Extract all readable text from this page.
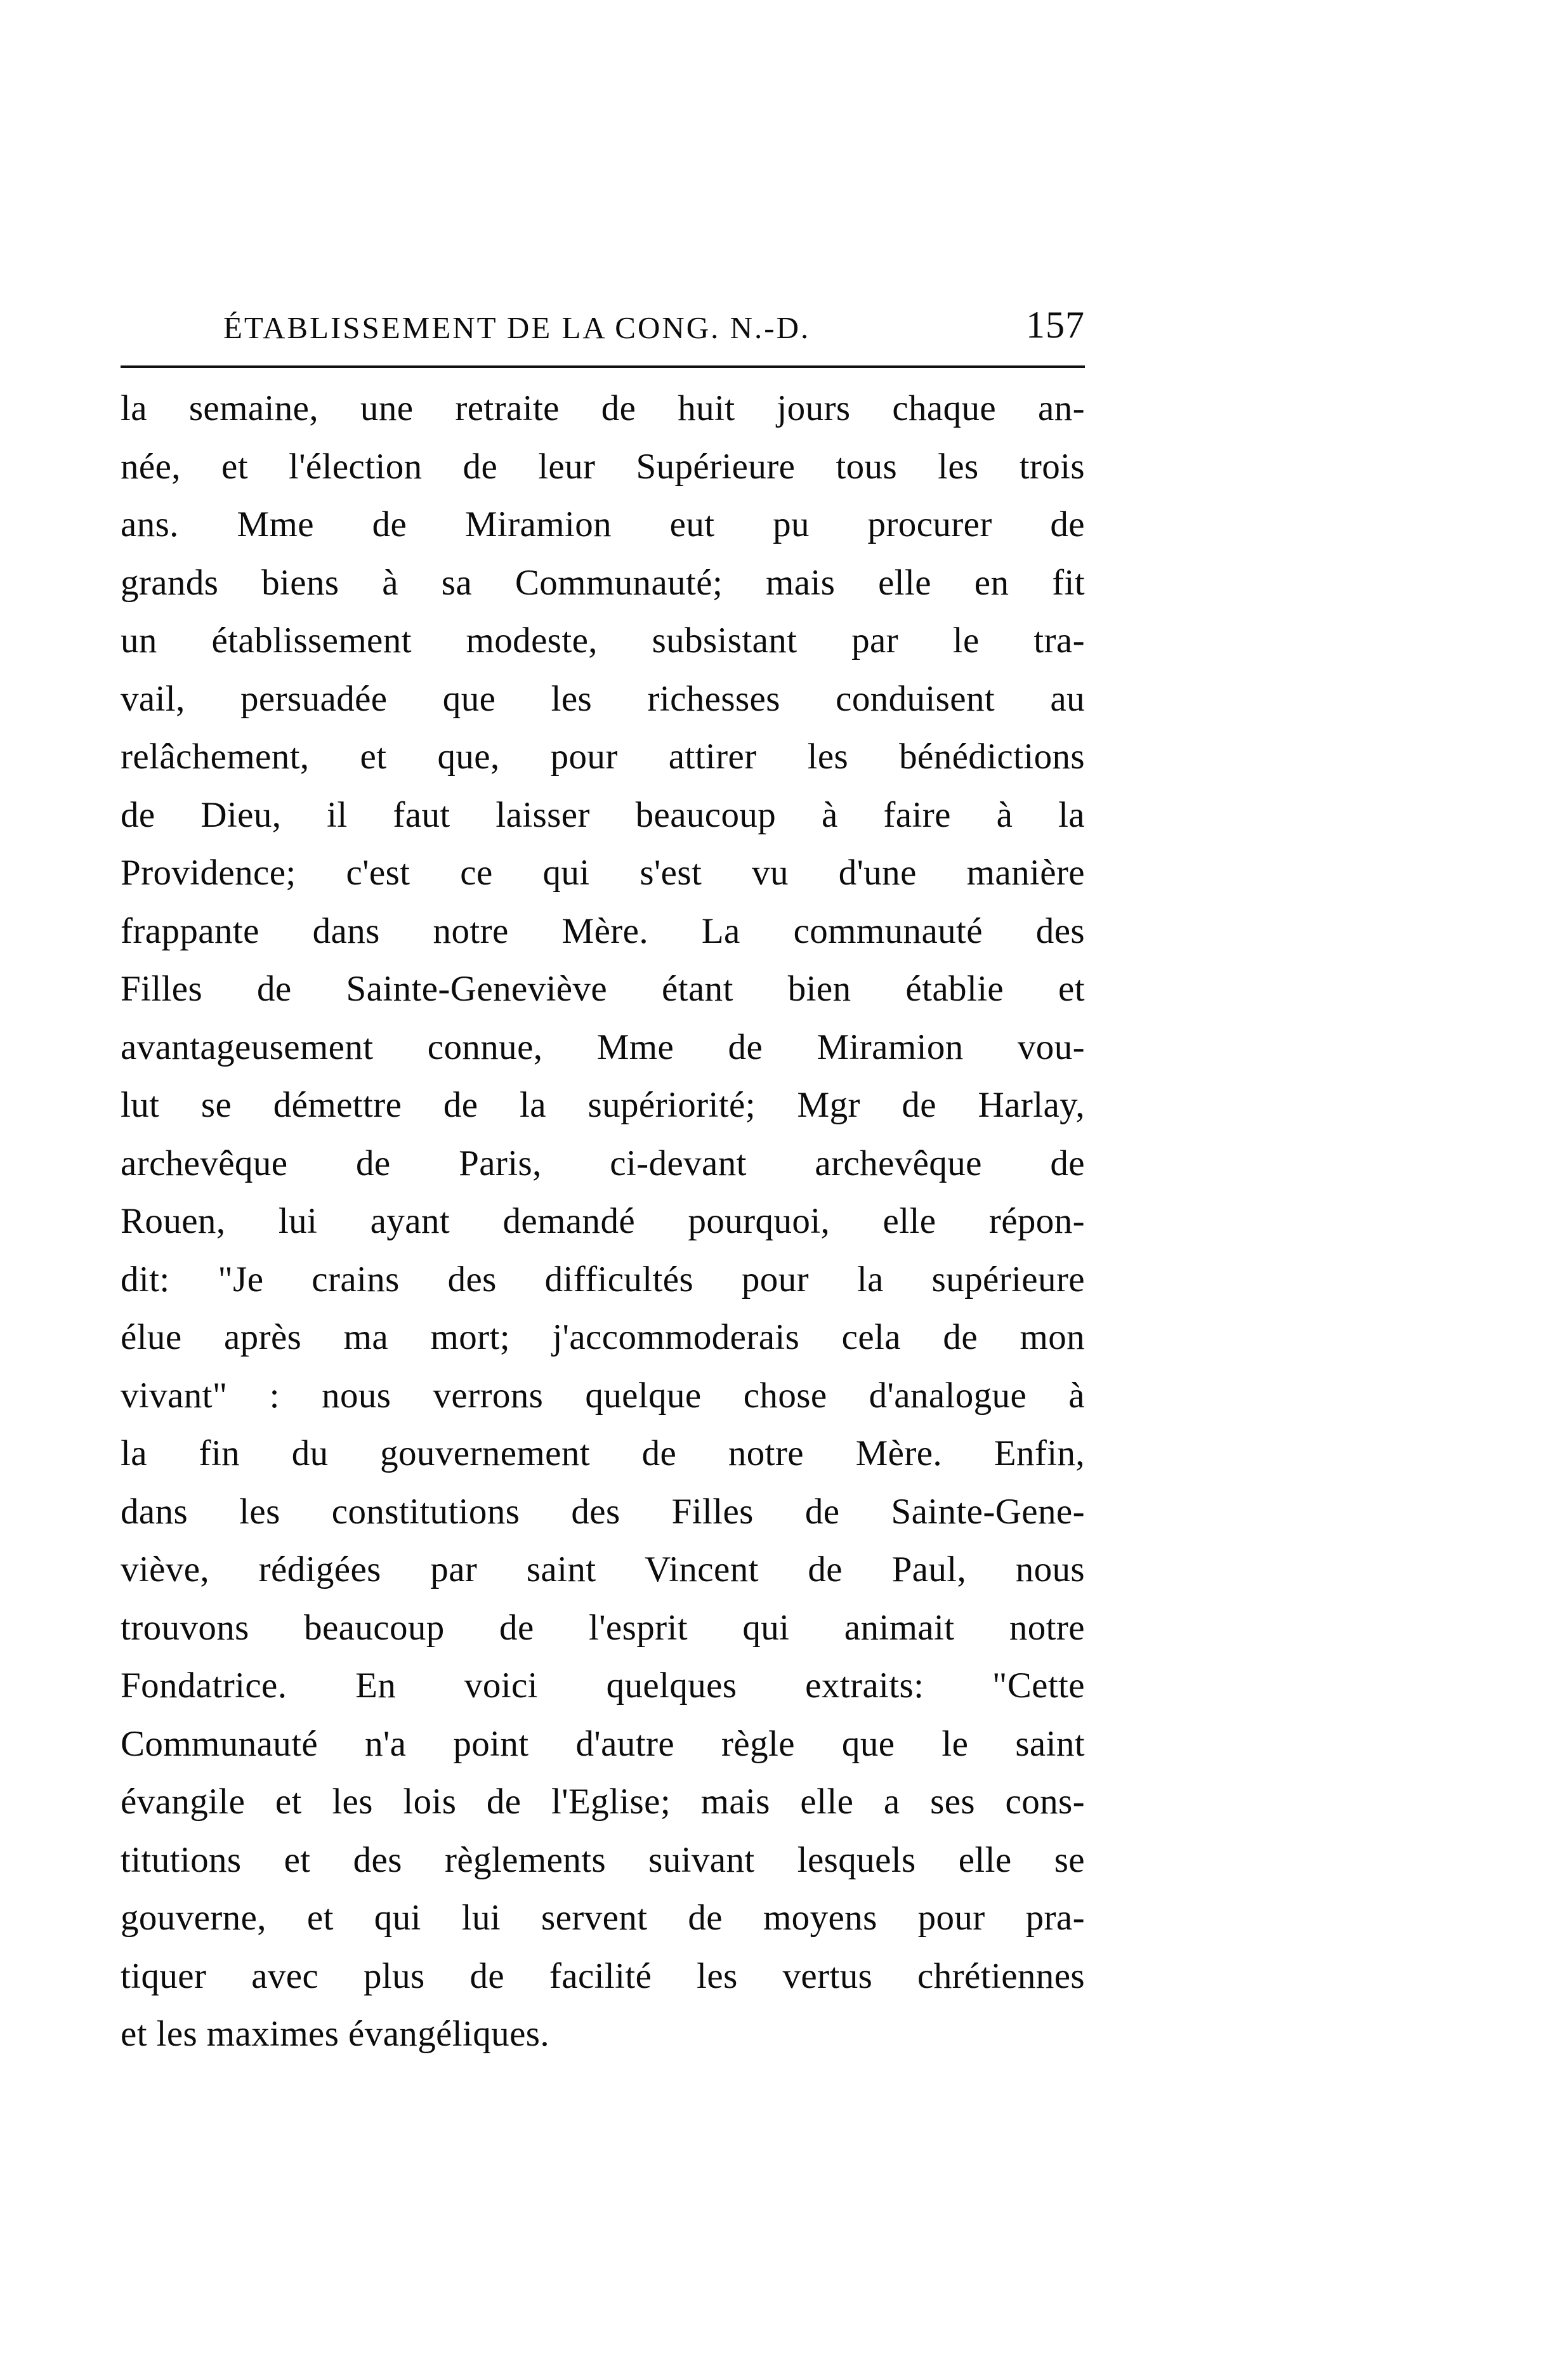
ÉTABLISSEMENT DE LA CONG. N.-D.	157
la semaine, une retraite de huit jours chaque an-
née, et l'élection de leur Supérieure tous les trois
ans. Mme de Miramion eut pu procurer de
grands biens à sa Communauté; mais elle en fit
un établissement modeste, subsistant par le tra-
vail, persuadée que les richesses conduisent au
relâchement, et que, pour attirer les bénédictions
de Dieu, il faut laisser beaucoup à faire à la
Providence; c'est ce qui s'est vu d'une manière
frappante dans notre Mère. La communauté des
Filles de Sainte-Geneviève étant bien établie et
avantageusement connue, Mme de Miramion vou-
lut se démettre de la supériorité; Mgr de Harlay,
archevêque de Paris, ci-devant archevêque de
Rouen, lui ayant demandé pourquoi, elle répon-
dit: "Je crains des difficultés pour la supérieure
élue après ma mort; j'accommoderais cela de mon
vivant" : nous verrons quelque chose d'analogue à
la fin du gouvernement de notre Mère. Enfin,
dans les constitutions des Filles de Sainte-Gene-
viève, rédigées par saint Vincent de Paul, nous
trouvons beaucoup de l'esprit qui animait notre
Fondatrice. En voici quelques extraits: "Cette
Communauté n'a point d'autre règle que le saint
évangile et les lois de l'Eglise; mais elle a ses cons-
titutions et des règlements suivant lesquels elle se
gouverne, et qui lui servent de moyens pour pra-
tiquer avec plus de facilité les vertus chrétiennes
et les maximes évangéliques.
